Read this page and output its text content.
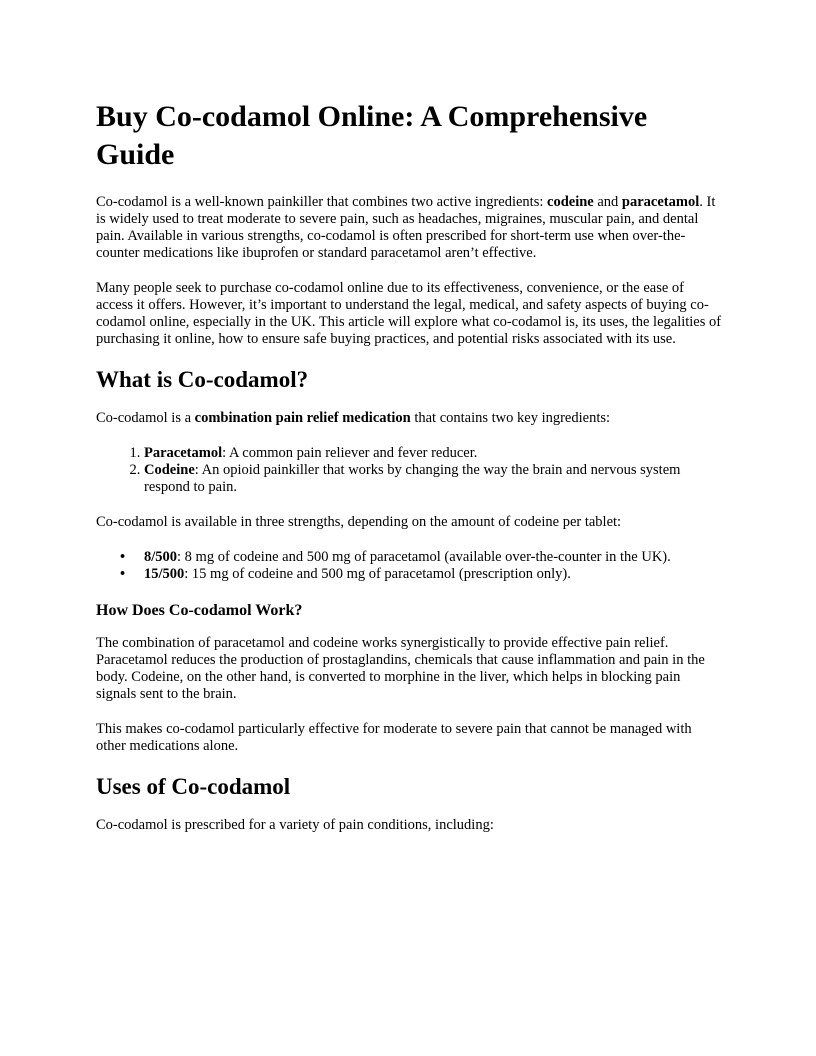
Buy Co-codamol Online: A Comprehensive Guide

Co-codamol is a well-known painkiller that combines two active ingredients: codeine and paracetamol. It is widely used to treat moderate to severe pain, such as headaches, migraines, muscular pain, and dental pain. Available in various strengths, co-codamol is often prescribed for short-term use when over-the-counter medications like ibuprofen or standard paracetamol aren’t effective.

Many people seek to purchase co-codamol online due to its effectiveness, convenience, or the ease of access it offers. However, it’s important to understand the legal, medical, and safety aspects of buying co-codamol online, especially in the UK. This article will explore what co-codamol is, its uses, the legalities of purchasing it online, how to ensure safe buying practices, and potential risks associated with its use.

What is Co-codamol?

Co-codamol is a combination pain relief medication that contains two key ingredients:

1. Paracetamol: A common pain reliever and fever reducer.
2. Codeine: An opioid painkiller that works by changing the way the brain and nervous system respond to pain.

Co-codamol is available in three strengths, depending on the amount of codeine per tablet:

• 8/500: 8 mg of codeine and 500 mg of paracetamol (available over-the-counter in the UK).
• 15/500: 15 mg of codeine and 500 mg of paracetamol (prescription only).
How Does Co-codamol Work?

The combination of paracetamol and codeine works synergistically to provide effective pain relief. Paracetamol reduces the production of prostaglandins, chemicals that cause inflammation and pain in the body. Codeine, on the other hand, is converted to morphine in the liver, which helps in blocking pain signals sent to the brain.

This makes co-codamol particularly effective for moderate to severe pain that cannot be managed with other medications alone.

Uses of Co-codamol

Co-codamol is prescribed for a variety of pain conditions, including:
